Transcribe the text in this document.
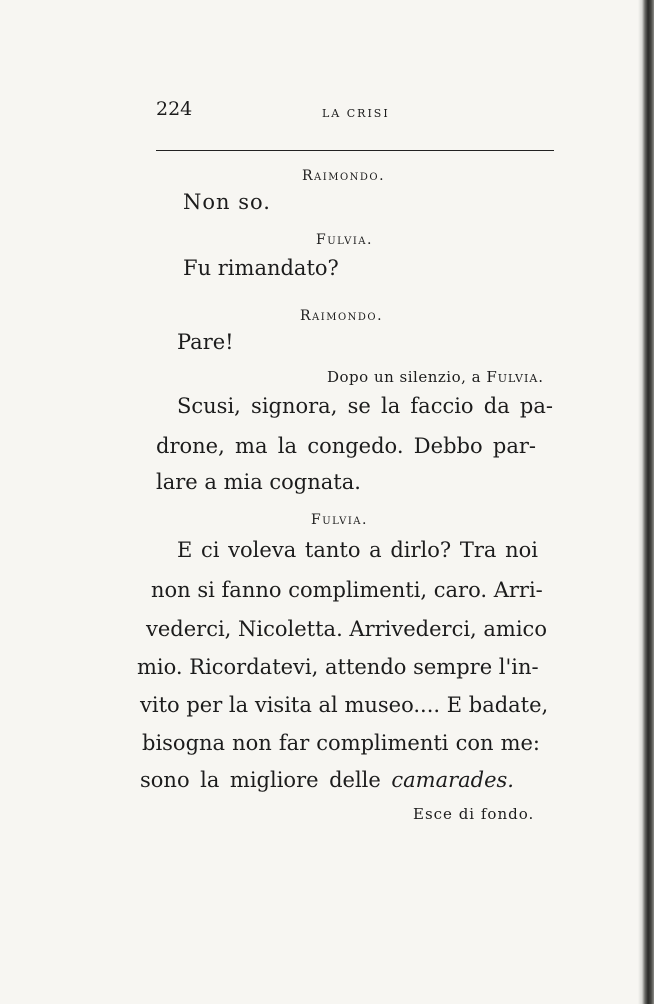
224	LA CRISI
Raimondo.
Non so.
Fulvia.
Fu rimandato?
Raimondo.
Pare!
Dopo un silenzio, a Fulvia.
Scusi, signora, se la faccio da pa-
drone, ma la congedo. Debbo par-
lare a mia cognata.
Fulvia.
E ci voleva tanto a dirlo? Tra noi
non si fanno complimenti, caro. Arri-
vederci, Nicoletta. Arrivederci, amico
mio. Ricordatevi, attendo sempre l'in-
vito per la visita al museo.... E badate,
bisogna non far complimenti con me:
sono la migliore delle camarades.
Esce di fondo.
